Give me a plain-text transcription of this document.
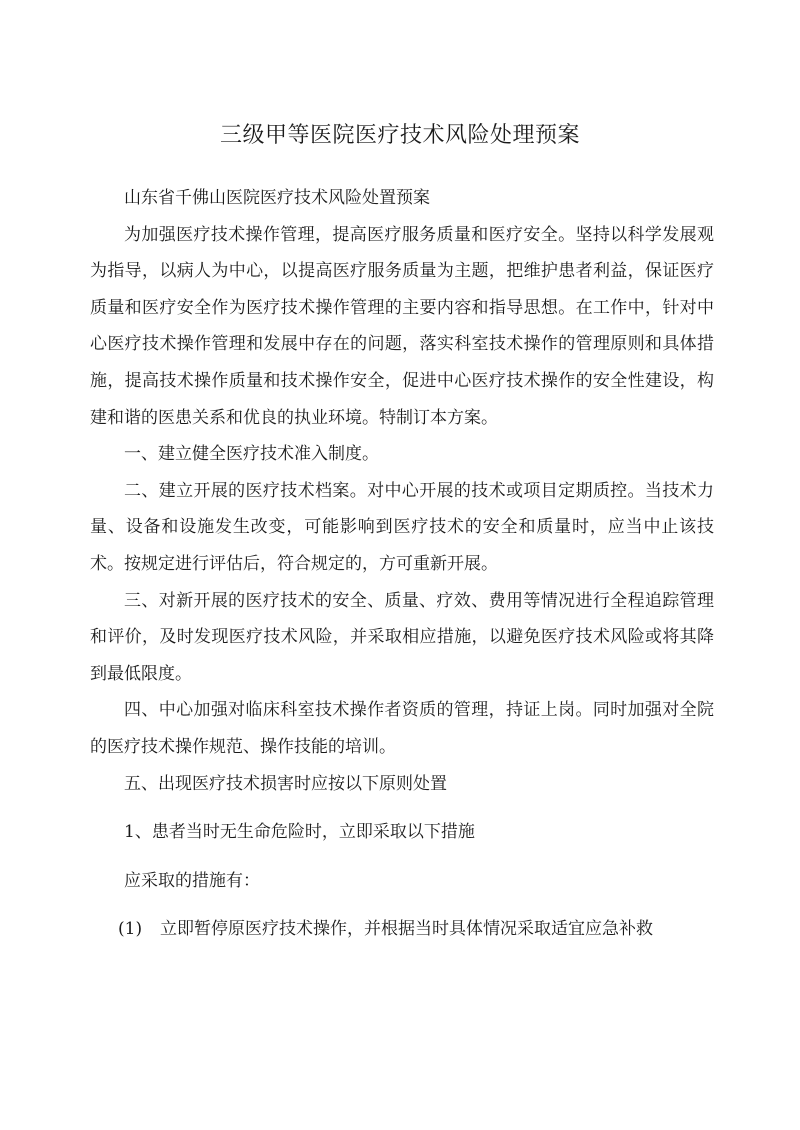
三级甲等医院医疗技术风险处理预案

山东省千佛山医院医疗技术风险处置预案

为加强医疗技术操作管理，提高医疗服务质量和医疗安全。坚持以科学发展观为指导，以病人为中心，以提高医疗服务质量为主题，把维护患者利益，保证医疗质量和医疗安全作为医疗技术操作管理的主要内容和指导思想。在工作中，针对中心医疗技术操作管理和发展中存在的问题，落实科室技术操作的管理原则和具体措施，提高技术操作质量和技术操作安全，促进中心医疗技术操作的安全性建设，构建和谐的医患关系和优良的执业环境。特制订本方案。

一、建立健全医疗技术准入制度。

二、建立开展的医疗技术档案。对中心开展的技术或项目定期质控。当技术力量、设备和设施发生改变，可能影响到医疗技术的安全和质量时，应当中止该技 术。按规定进行评估后，符合规定的，方可重新开展。

三、对新开展的医疗技术的安全、质量、疗效、费用等情况进行全程追踪管理和评价，及时发现医疗技术风险，并采取相应措施，以避免医疗技术风险或将其降到最低限度。

四、中心加强对临床科室技术操作者资质的管理，持证上岗。同时加强对全院的医疗技术操作规范、操作技能的培训。

五、出现医疗技术损害时应按以下原则处置

1、患者当时无生命危险时，立即采取以下措施

应采取的措施有：

(1) 立即暂停原医疗技术操作，并根据当时具体情况采取适宜应急补救
